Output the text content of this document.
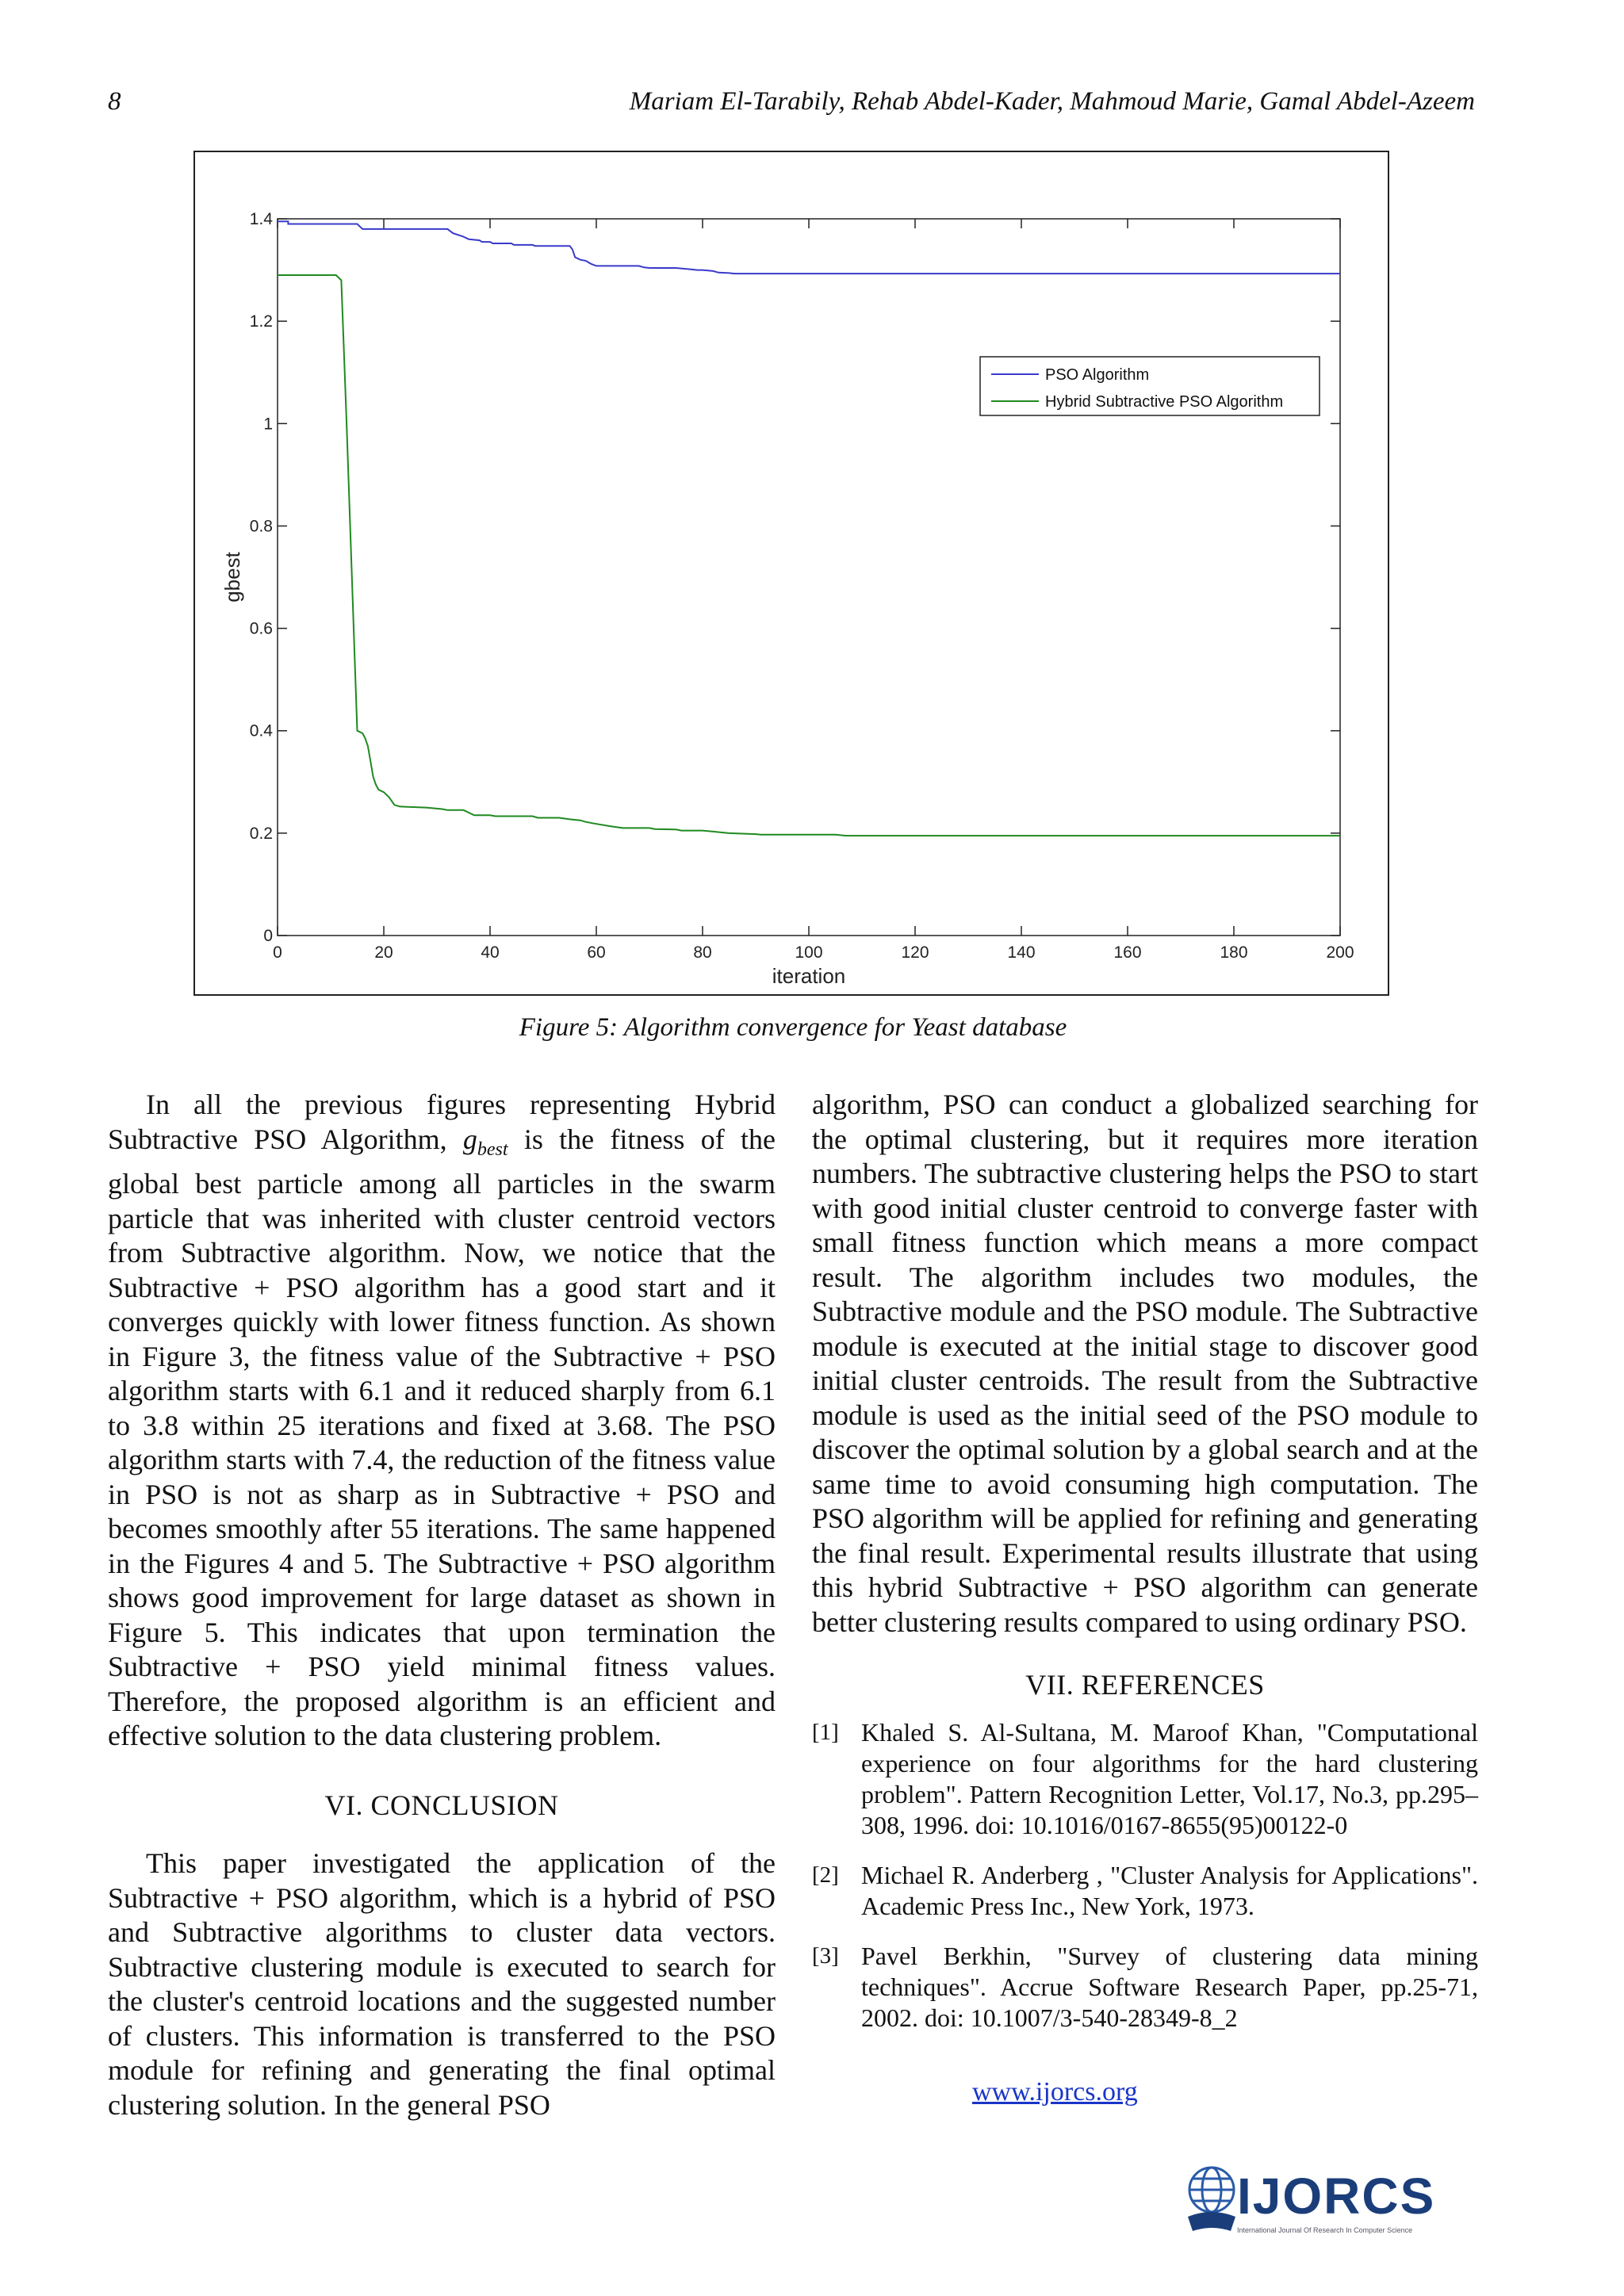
8	Mariam El-Tarabily, Rehab Abdel-Kader, Mahmoud Marie, Gamal Abdel-Azeem
0	20	40	60	80	100	120	140	160	180	200
0
0.2
0.4
0.6
0.8
1
1.2
1.4
iteration
gbest
PSO Algorithm
Hybrid Subtractive PSO Algorithm
Figure 5: Algorithm convergence for Yeast database

In all the previous figures representing Hybrid Subtractive PSO Algorithm, $g_{best}$ is the fitness of the global best particle among all particles in the swarm particle that was inherited with cluster centroid vectors from Subtractive algorithm. Now, we notice that the Subtractive + PSO algorithm has a good start and it converges quickly with lower fitness function. As shown in Figure 3, the fitness value of the Subtractive + PSO algorithm starts with 6.1 and it reduced sharply from 6.1 to 3.8 within 25 iterations and fixed at 3.68. The PSO algorithm starts with 7.4, the reduction of the fitness value in PSO is not as sharp as in Subtractive + PSO and becomes smoothly after 55 iterations. The same happened in the Figures 4 and 5. The Subtractive + PSO algorithm shows good improvement for large dataset as shown in Figure 5. This indicates that upon termination the Subtractive + PSO yield minimal fitness values. Therefore, the proposed algorithm is an efficient and effective solution to the data clustering problem.

VI. CONCLUSION

This paper investigated the application of the Subtractive + PSO algorithm, which is a hybrid of PSO and Subtractive algorithms to cluster data vectors. Subtractive clustering module is executed to search for the cluster's centroid locations and the suggested number of clusters. This information is transferred to the PSO module for refining and generating the final optimal clustering solution. In the general PSO

algorithm, PSO can conduct a globalized searching for the optimal clustering, but it requires more iteration numbers. The subtractive clustering helps the PSO to start with good initial cluster centroid to converge faster with small fitness function which means a more compact result. The algorithm includes two modules, the Subtractive module and the PSO module. The Subtractive module is executed at the initial stage to discover good initial cluster centroids. The result from the Subtractive module is used as the initial seed of the PSO module to discover the optimal solution by a global search and at the same time to avoid consuming high computation. The PSO algorithm will be applied for refining and generating the final result. Experimental results illustrate that using this hybrid Subtractive + PSO algorithm can generate better clustering results compared to using ordinary PSO.

VII. REFERENCES
[1] Khaled S. Al-Sultana, M. Maroof Khan, "Computational experience on four algorithms for the hard clustering problem". Pattern Recognition Letter, Vol.17, No.3, pp.295–308, 1996. doi: 10.1016/0167-8655(95)00122-0
[2] Michael R. Anderberg , "Cluster Analysis for Applications". Academic Press Inc., New York, 1973.
[3] Pavel Berkhin, "Survey of clustering data mining techniques". Accrue Software Research Paper, pp.25-71, 2002. doi: 10.1007/3-540-28349-8_2
www.ijorcs.org
IJORCS
International Journal Of Research In Computer Science
